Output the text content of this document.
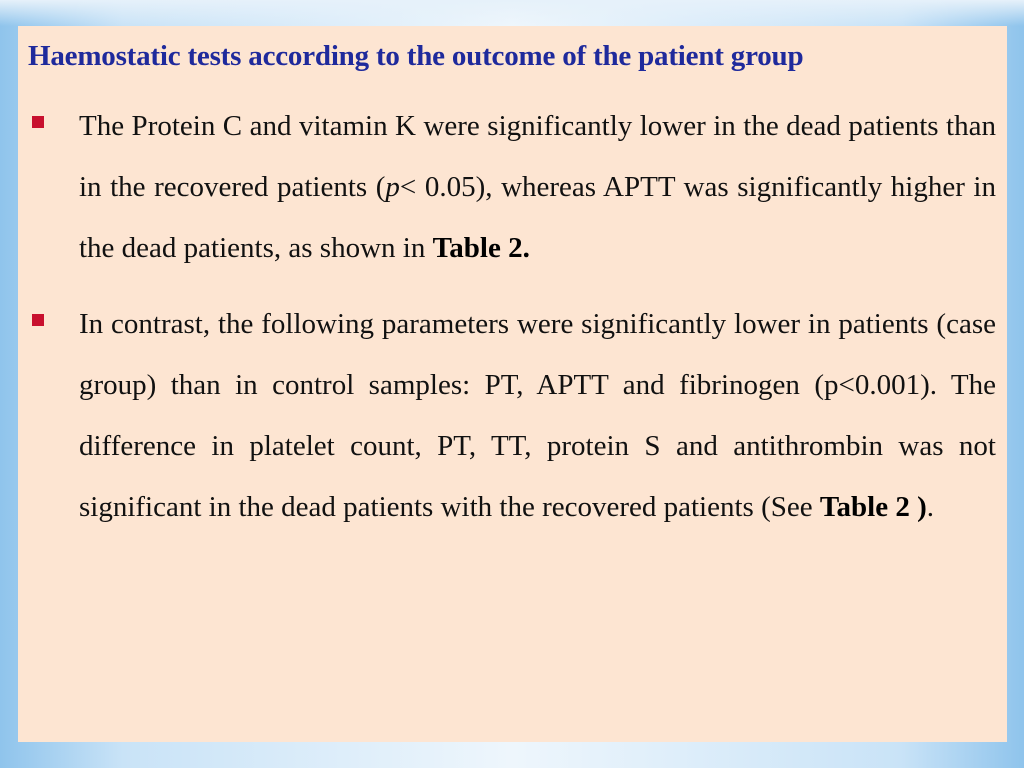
Haemostatic tests according to the outcome of the patient group

The Protein C and vitamin K were significantly lower in the dead patients than in the recovered patients (p< 0.05), whereas APTT was significantly higher in the dead patients, as shown in Table 2.

In contrast, the following parameters were significantly lower in patients (case group) than in control samples: PT, APTT and fibrinogen (p<0.001). The difference in platelet count, PT, TT, protein S and antithrombin was not significant in the dead patients with the recovered patients (See Table 2 ).
